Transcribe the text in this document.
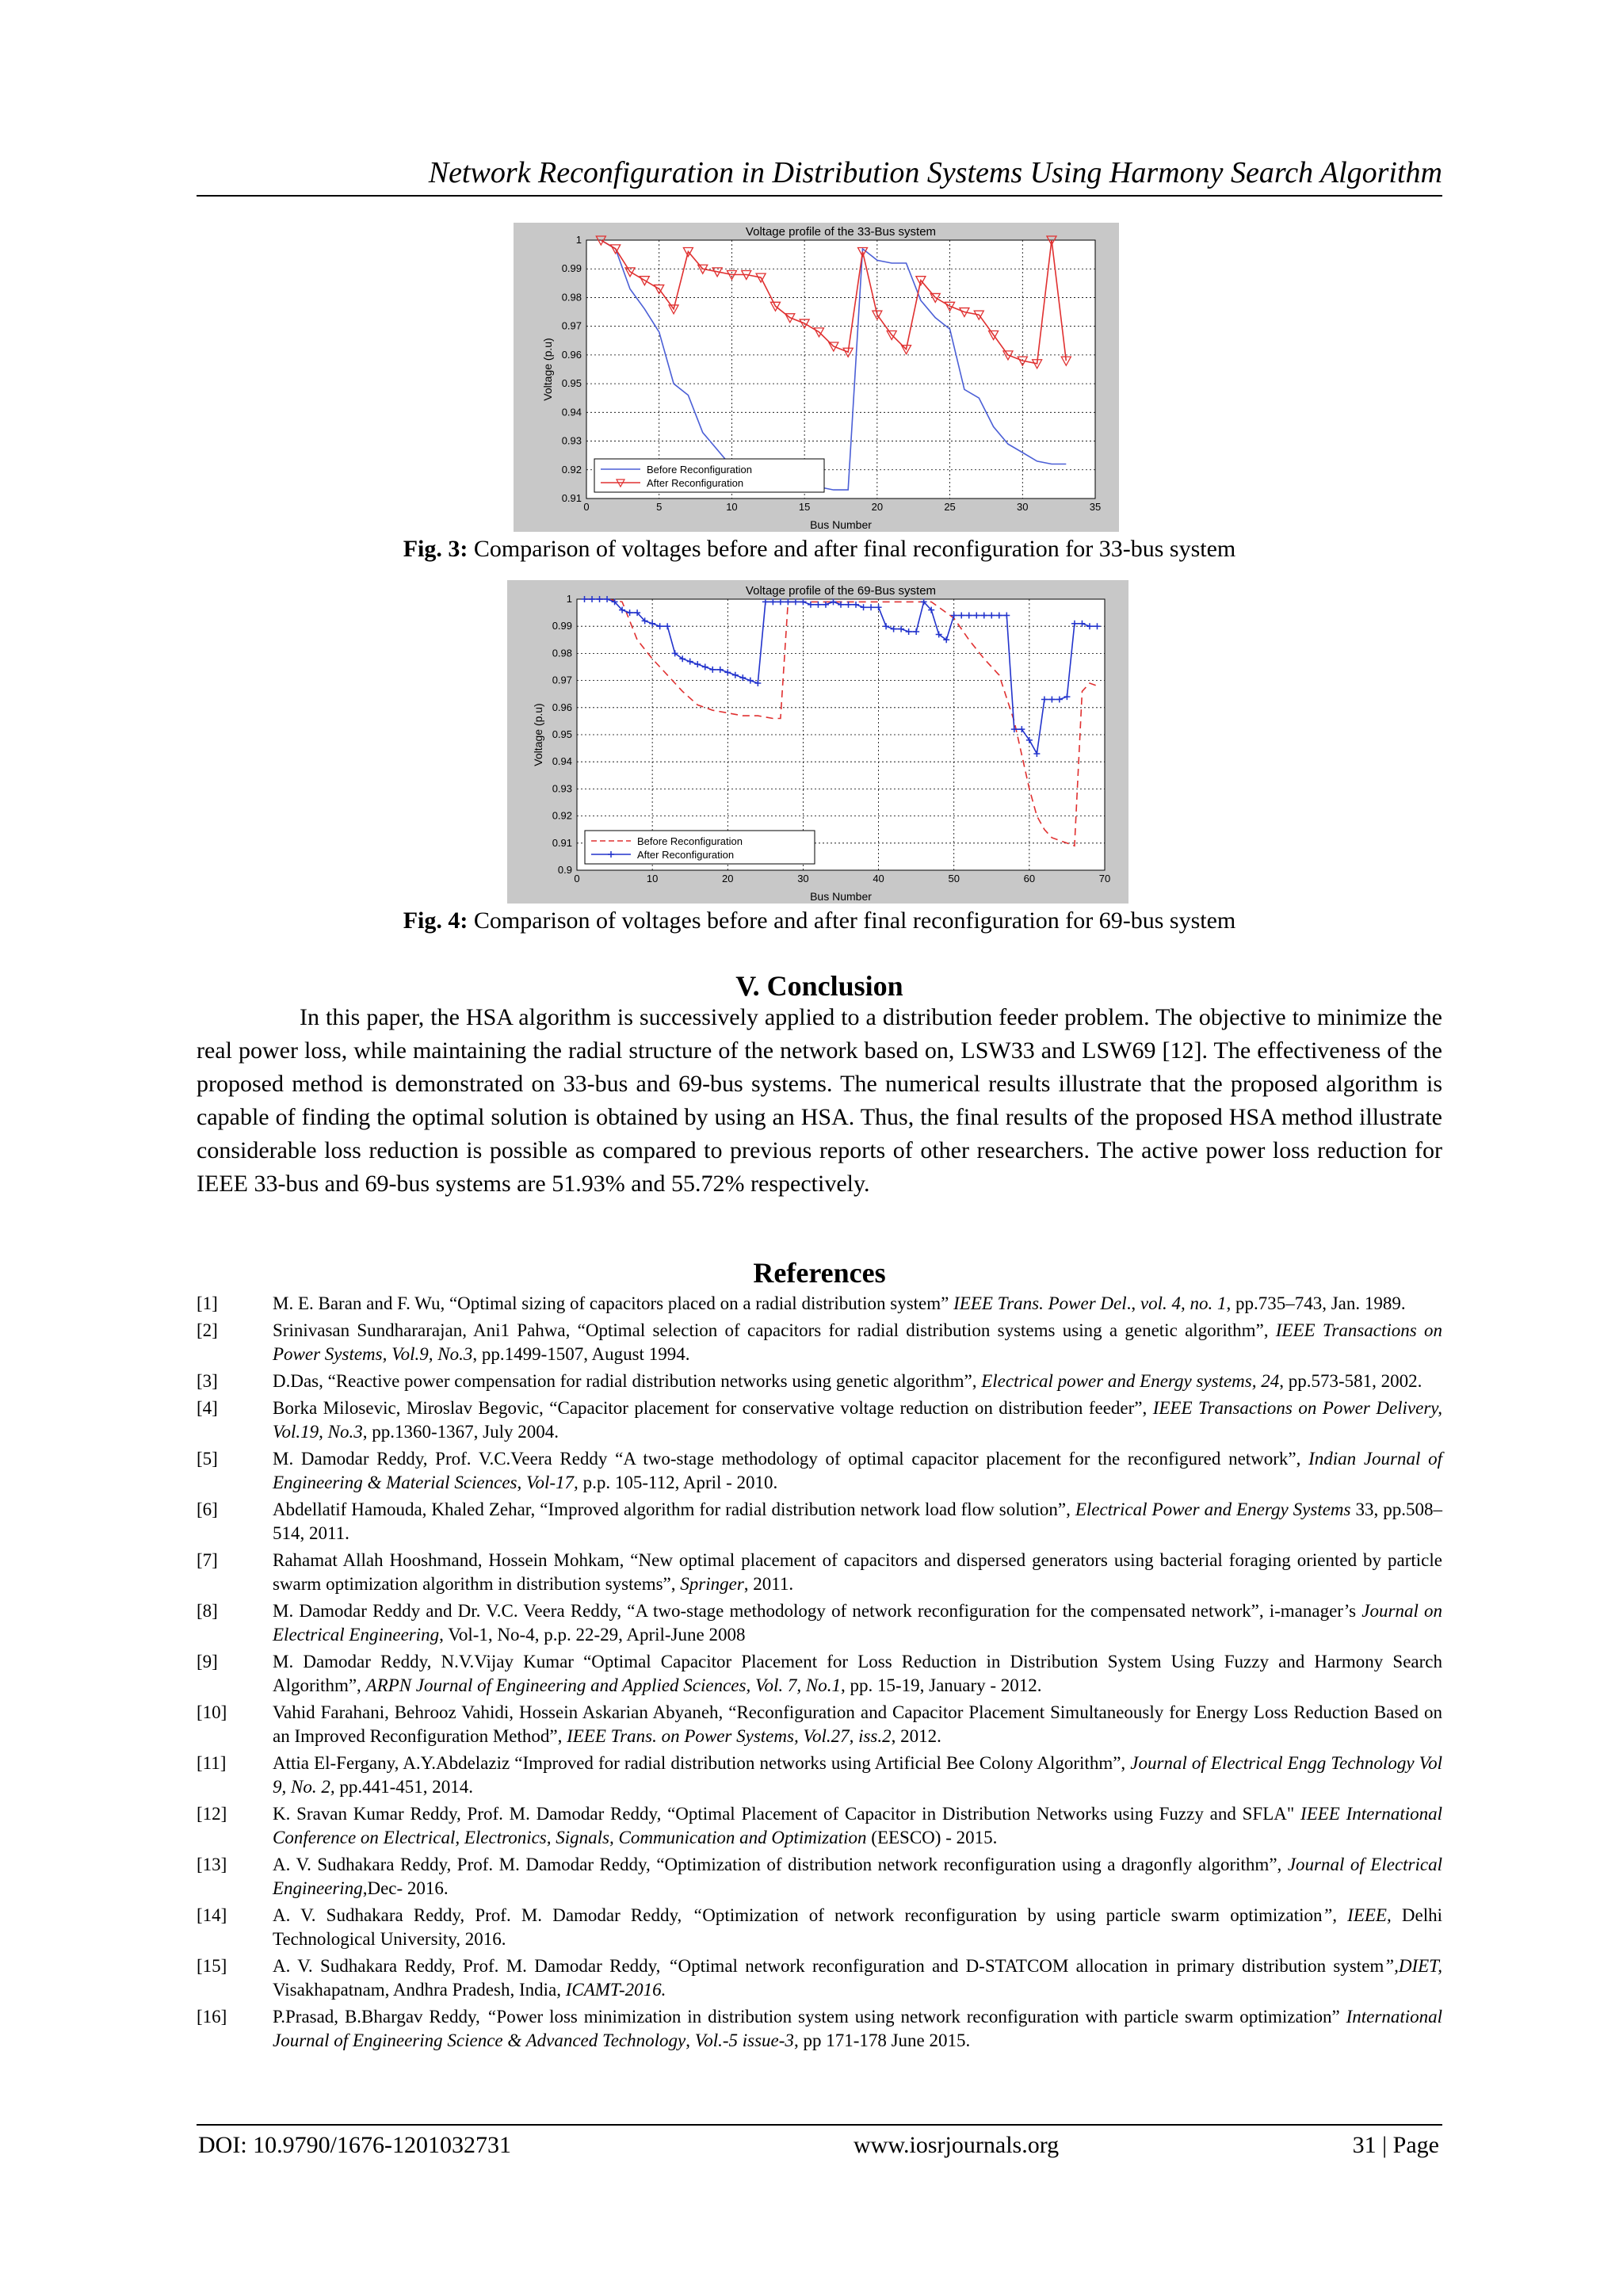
Network Reconfiguration in Distribution Systems Using Harmony Search Algorithm
Voltage profile of the 33-Bus system
0	5	10	15	20	25	30	35
0.91
0.92
0.93
0.94
0.95
0.96
0.97
0.98
0.99
1
Bus Number
Voltage (p.u)
Before Reconfiguration
After Reconfiguration
Fig. 3: Comparison of voltages before and after final reconfiguration for 33-bus system
Voltage profile of the 69-Bus system
0	10	20	30	40	50	60	70
0.9
0.91
0.92
0.93
0.94
0.95
0.96
0.97
0.98
0.99
1
Bus Number
Voltage (p.u)
Before Reconfiguration
After Reconfiguration
Fig. 4: Comparison of voltages before and after final reconfiguration for 69-bus system
V. Conclusion
In this paper, the HSA algorithm is successively applied to a distribution feeder problem. The objective to minimize the real power loss, while maintaining the radial structure of the network based on, LSW33 and LSW69 [12]. The effectiveness of the proposed method is demonstrated on 33-bus and 69-bus systems. The numerical results illustrate that the proposed algorithm is capable of finding the optimal solution is obtained by using an HSA. Thus, the final results of the proposed HSA method illustrate considerable loss reduction is possible as compared to previous reports of other researchers. The active power loss reduction for IEEE 33-bus and 69-bus systems are 51.93% and 55.72% respectively.
References
[1]	M. E. Baran and F. Wu, “Optimal sizing of capacitors placed on a radial distribution system” IEEE Trans. Power Del., vol. 4, no. 1, pp.735–743, Jan. 1989.
[2]	Srinivasan Sundhararajan, Ani1 Pahwa, “Optimal selection of capacitors for radial distribution systems using a genetic algorithm”, IEEE Transactions on Power Systems, Vol.9, No.3, pp.1499-1507, August 1994.
[3]	D.Das, “Reactive power compensation for radial distribution networks using genetic algorithm”, Electrical power and Energy systems, 24, pp.573-581, 2002.
[4]	Borka Milosevic, Miroslav Begovic, “Capacitor placement for conservative voltage reduction on distribution feeder”, IEEE Transactions on Power Delivery, Vol.19, No.3, pp.1360-1367, July 2004.
[5]	M. Damodar Reddy, Prof. V.C.Veera Reddy “A two-stage methodology of optimal capacitor placement for the reconfigured network”, Indian Journal of Engineering & Material Sciences, Vol-17, p.p. 105-112, April - 2010.
[6]	Abdellatif Hamouda, Khaled Zehar, “Improved algorithm for radial distribution network load flow solution”, Electrical Power and Energy Systems 33, pp.508–514, 2011.
[7]	Rahamat Allah Hooshmand, Hossein Mohkam, “New optimal placement of capacitors and dispersed generators using bacterial foraging oriented by particle swarm optimization algorithm in distribution systems”, Springer, 2011.
[8]	M. Damodar Reddy and Dr. V.C. Veera Reddy, “A two-stage methodology of network reconfiguration for the compensated network”, i-manager’s Journal on Electrical Engineering, Vol-1, No-4, p.p. 22-29, April-June 2008
[9]	M. Damodar Reddy, N.V.Vijay Kumar “Optimal Capacitor Placement for Loss Reduction in Distribution System Using Fuzzy and Harmony Search Algorithm”, ARPN Journal of Engineering and Applied Sciences, Vol. 7, No.1, pp. 15-19, January - 2012.
[10]	Vahid Farahani, Behrooz Vahidi, Hossein Askarian Abyaneh, “Reconfiguration and Capacitor Placement Simultaneously for Energy Loss Reduction Based on an Improved Reconfiguration Method”, IEEE Trans. on Power Systems, Vol.27, iss.2, 2012.
[11]	Attia El-Fergany, A.Y.Abdelaziz “Improved for radial distribution networks using Artificial Bee Colony Algorithm”, Journal of Electrical Engg Technology Vol 9, No. 2, pp.441-451, 2014.
[12]	K. Sravan Kumar Reddy, Prof. M. Damodar Reddy, “Optimal Placement of Capacitor in Distribution Networks using Fuzzy and SFLA" IEEE International Conference on Electrical, Electronics, Signals, Communication and Optimization (EESCO) - 2015.
[13]	A. V. Sudhakara Reddy, Prof. M. Damodar Reddy, “Optimization of distribution network reconfiguration using a dragonfly algorithm”, Journal of Electrical Engineering,Dec- 2016.
[14]	A. V. Sudhakara Reddy, Prof. M. Damodar Reddy, “Optimization of network reconfiguration by using particle swarm optimization”, IEEE, Delhi Technological University, 2016.
[15]	A. V. Sudhakara Reddy, Prof. M. Damodar Reddy, “Optimal network reconfiguration and D-STATCOM allocation in primary distribution system”,DIET, Visakhapatnam, Andhra Pradesh, India, ICAMT-2016.
[16]	P.Prasad, B.Bhargav Reddy, “Power loss minimization in distribution system using network reconfiguration with particle swarm optimization” International Journal of Engineering Science & Advanced Technology, Vol.-5 issue-3, pp 171-178 June 2015.
DOI: 10.9790/1676-1201032731	www.iosrjournals.org	31 | Page
